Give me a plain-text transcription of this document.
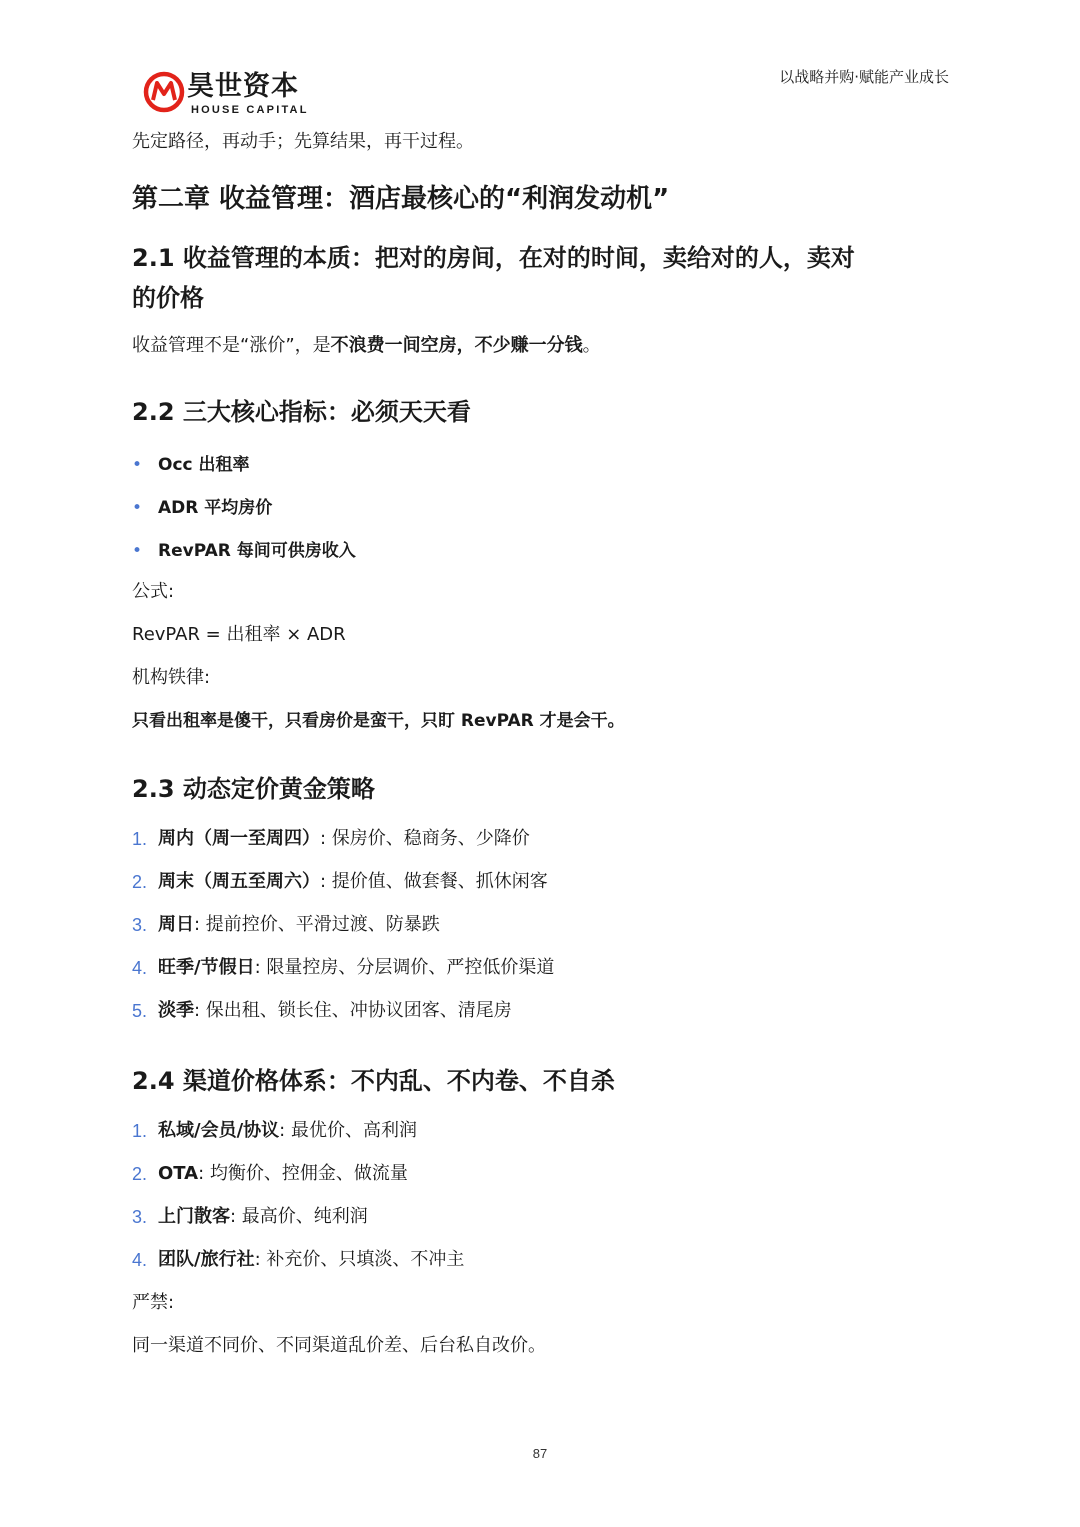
昊世资本
HOUSE CAPITAL
以战略并购·赋能产业成长

先定路径，再动手；先算结果，再干过程。

第二章 收益管理：酒店最核心的“利润发动机”
2.1 收益管理的本质：把对的房间，在对的时间，卖给对的人，卖对
的价格

收益管理不是“涨价”，是不浪费一间空房，不少赚一分钱。

2.2 三大核心指标：必须天天看
• Occ 出租率
• ADR 平均房价
• RevPAR 每间可供房收入

公式:

RevPAR = 出租率 × ADR

机构铁律:

只看出租率是傻干，只看房价是蛮干，只盯 RevPAR 才是会干。

2.3 动态定价黄金策略
1. 周内（周一至周四）: 保房价、稳商务、少降价
2. 周末（周五至周六）: 提价值、做套餐、抓休闲客
3. 周日: 提前控价、平滑过渡、防暴跌
4. 旺季/节假日: 限量控房、分层调价、严控低价渠道
5. 淡季: 保出租、锁长住、冲协议团客、清尾房
2.4 渠道价格体系：不内乱、不内卷、不自杀
1. 私域/会员/协议: 最优价、高利润
2. OTA: 均衡价、控佣金、做流量
3. 上门散客: 最高价、纯利润
4. 团队/旅行社: 补充价、只填淡、不冲主

严禁:

同一渠道不同价、不同渠道乱价差、后台私自改价。

87
